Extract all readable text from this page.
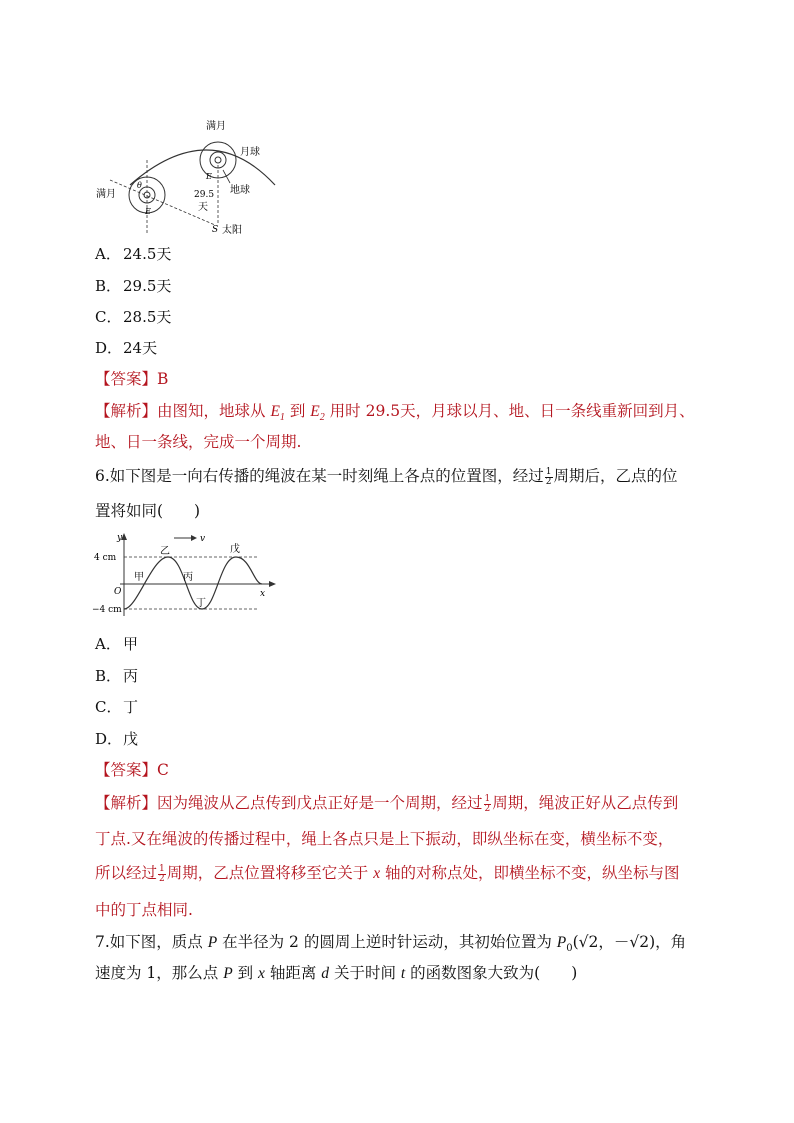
满月
月球
地球
满月	29.5
天
S 太阳
E
E
θ
A． 24.5天
B． 29.5天
C． 28.5天
D．24天
【答案】B
【解析】由图知，地球从 $E_1$ 到 $E_2$ 用时 29.5天，月球以月、地、日一条线重新回到月、
地、日一条线，完成一个周期.
6.如下图是一向右传播的绳波在某一时刻绳上各点的位置图，经过 $\frac{1}{2}$ 周期后，乙点的位
置将如同(　　)
v
y
x
O
4 cm
−4 cm
甲
乙
丙
丁
戊
A． 甲
B． 丙
C． 丁
D．戊
【答案】C
【解析】因为绳波从乙点传到戊点正好是一个周期，经过 $\frac{1}{2}$ 周期，绳波正好从乙点传到
丁点.又在绳波的传播过程中，绳上各点只是上下振动，即纵坐标在变，横坐标不变，
所以经过 $\frac{1}{2}$ 周期，乙点位置将移至它关于 x 轴的对称点处，即横坐标不变，纵坐标与图
中的丁点相同.
7.如下图，质点 P 在半径为 2 的圆周上逆时针运动，其初始位置为 $P_0(√2$，－√2)，角
速度为 1，那么点 P 到 x 轴距离 d 关于时间 t 的函数图象大致为(　　)
